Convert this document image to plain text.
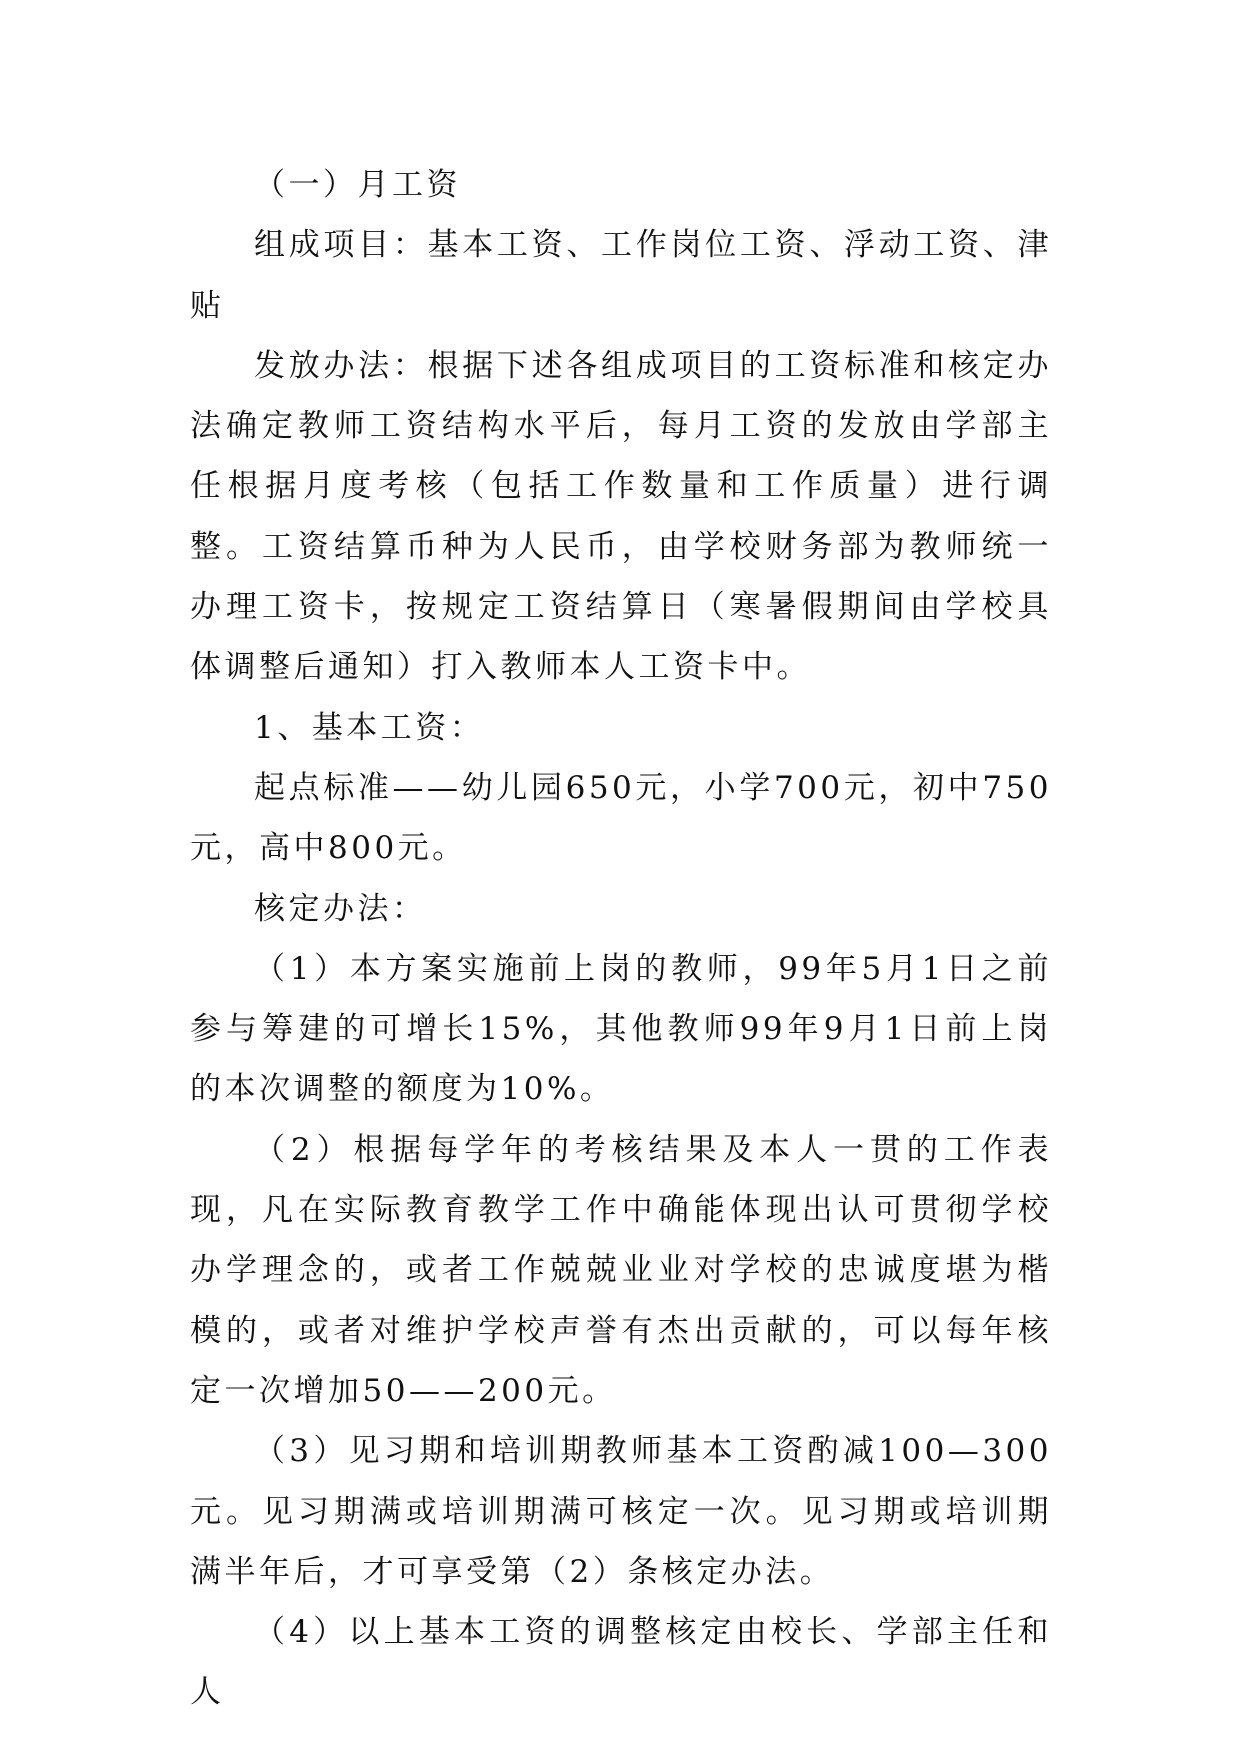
（一）月工资

组成项目：基本工资、工作岗位工资、浮动工资、津贴

发放办法：根据下述各组成项目的工资标准和核定办法确定教师工资结构水平后，每月工资的发放由学部主任根据月度考核（包括工作数量和工作质量）进行调整。工资结算币种为人民币，由学校财务部为教师统一办理工资卡，按规定工资结算日（寒暑假期间由学校具体调整后通知）打入教师本人工资卡中。

1、基本工资：

起点标准——幼儿园650元，小学700元，初中750元，高中800元。

核定办法：

（1）本方案实施前上岗的教师，99年5月1日之前参与筹建的可增长15%，其他教师99年9月1日前上岗的本次调整的额度为10%。

（2）根据每学年的考核结果及本人一贯的工作表现，凡在实际教育教学工作中确能体现出认可贯彻学校办学理念的，或者工作兢兢业业对学校的忠诚度堪为楷模的，或者对维护学校声誉有杰出贡献的，可以每年核定一次增加50——200元。

（3）见习期和培训期教师基本工资酌减100—300元。见习期满或培训期满可核定一次。见习期或培训期满半年后，才可享受第（2）条核定办法。

（4）以上基本工资的调整核定由校长、学部主任和人
